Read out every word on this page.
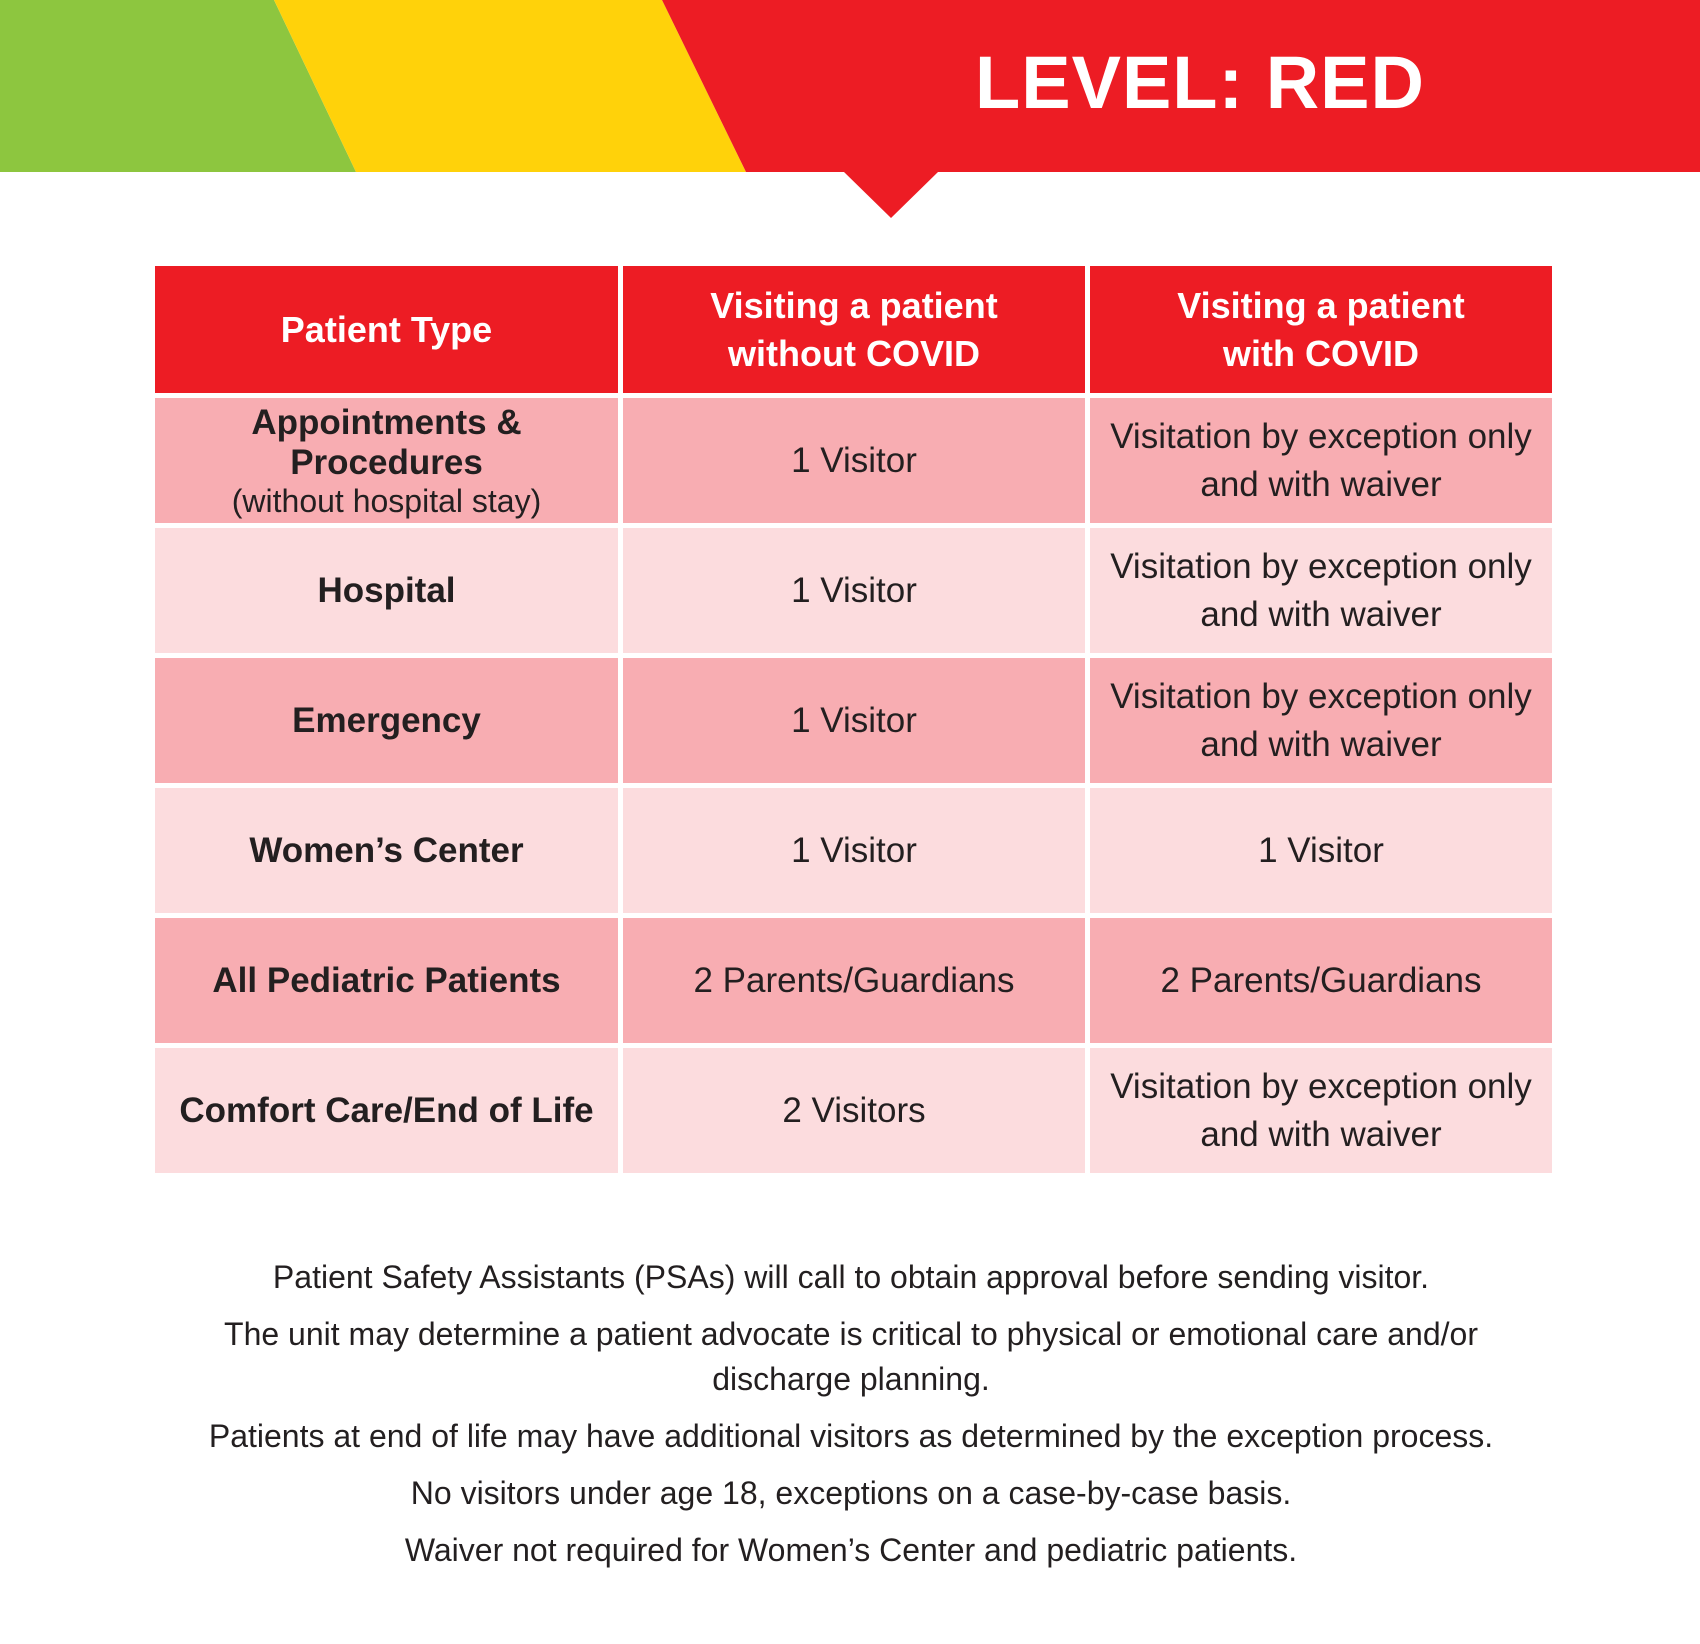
LEVEL: RED
Patient Type	Visiting a patient without COVID	Visiting a patient with COVID

Appointments & Procedures
(without hospital stay)	1 Visitor	Visitation by exception only and with waiver
Hospital	1 Visitor	Visitation by exception only and with waiver
Emergency	1 Visitor	Visitation by exception only and with waiver
Women’s Center	1 Visitor	1 Visitor
All Pediatric Patients	2 Parents/Guardians	2 Parents/Guardians
Comfort Care/End of Life	2 Visitors	Visitation by exception only and with waiver

Patient Safety Assistants (PSAs) will call to obtain approval before sending visitor.

The unit may determine a patient advocate is critical to physical or emotional care and/or discharge planning.

Patients at end of life may have additional visitors as determined by the exception process.

No visitors under age 18, exceptions on a case-by-case basis.

Waiver not required for Women’s Center and pediatric patients.
